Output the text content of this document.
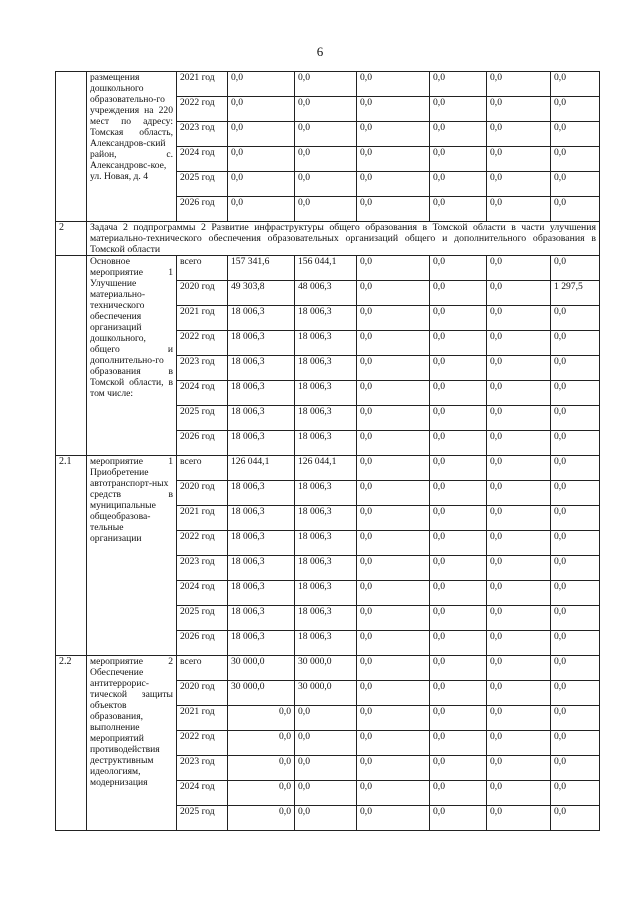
6
	размещения дошкольного образовательно-го учреждения на 220 мест по адресу: Томская область, Александров-ский район, с. Александровс-кое, ул. Новая, д. 4	2021 год	0,0	0,0	0,0	0,0	0,0	0,0
		2022 год	0,0	0,0	0,0	0,0	0,0	0,0
		2023 год	0,0	0,0	0,0	0,0	0,0	0,0
		2024 год	0,0	0,0	0,0	0,0	0,0	0,0
		2025 год	0,0	0,0	0,0	0,0	0,0	0,0
		2026 год	0,0	0,0	0,0	0,0	0,0	0,0
2	Задача 2 подпрограммы 2 Развитие инфраструктуры общего образования в Томской области в части улучшения материально-технического обеспечения образовательных организаций общего и дополнительного образования в Томской области							
	Основное мероприятие 1 Улучшение материально-технического обеспечения организаций дошкольного, общего и дополнительно-го образования в Томской области, в том числе:	всего	157 341,6	156 044,1	0,0	0,0	0,0	0,0
		2020 год	49 303,8	48 006,3	0,0	0,0	0,0	1 297,5
		2021 год	18 006,3	18 006,3	0,0	0,0	0,0	0,0
		2022 год	18 006,3	18 006,3	0,0	0,0	0,0	0,0
		2023 год	18 006,3	18 006,3	0,0	0,0	0,0	0,0
		2024 год	18 006,3	18 006,3	0,0	0,0	0,0	0,0
		2025 год	18 006,3	18 006,3	0,0	0,0	0,0	0,0
		2026 год	18 006,3	18 006,3	0,0	0,0	0,0	0,0
2.1	мероприятие 1 Приобретение автотранспорт-ных средств в муниципальные общеобразова-тельные организации	всего	126 044,1	126 044,1	0,0	0,0	0,0	0,0
		2020 год	18 006,3	18 006,3	0,0	0,0	0,0	0,0
		2021 год	18 006,3	18 006,3	0,0	0,0	0,0	0,0
		2022 год	18 006,3	18 006,3	0,0	0,0	0,0	0,0
		2023 год	18 006,3	18 006,3	0,0	0,0	0,0	0,0
		2024 год	18 006,3	18 006,3	0,0	0,0	0,0	0,0
		2025 год	18 006,3	18 006,3	0,0	0,0	0,0	0,0
		2026 год	18 006,3	18 006,3	0,0	0,0	0,0	0,0
2.2	мероприятие 2 Обеспечение антитеррорис-тической защиты объектов образования, выполнение мероприятий противодействия деструктивным идеологиям, модернизация	всего	30 000,0	30 000,0	0,0	0,0	0,0	0,0
		2020 год	30 000,0	30 000,0	0,0	0,0	0,0	0,0
		2021 год	0,0	0,0	0,0	0,0	0,0	0,0
		2022 год	0,0	0,0	0,0	0,0	0,0	0,0
		2023 год	0,0	0,0	0,0	0,0	0,0	0,0
		2024 год	0,0	0,0	0,0	0,0	0,0	0,0
		2025 год	0,0	0,0	0,0	0,0	0,0	0,0
